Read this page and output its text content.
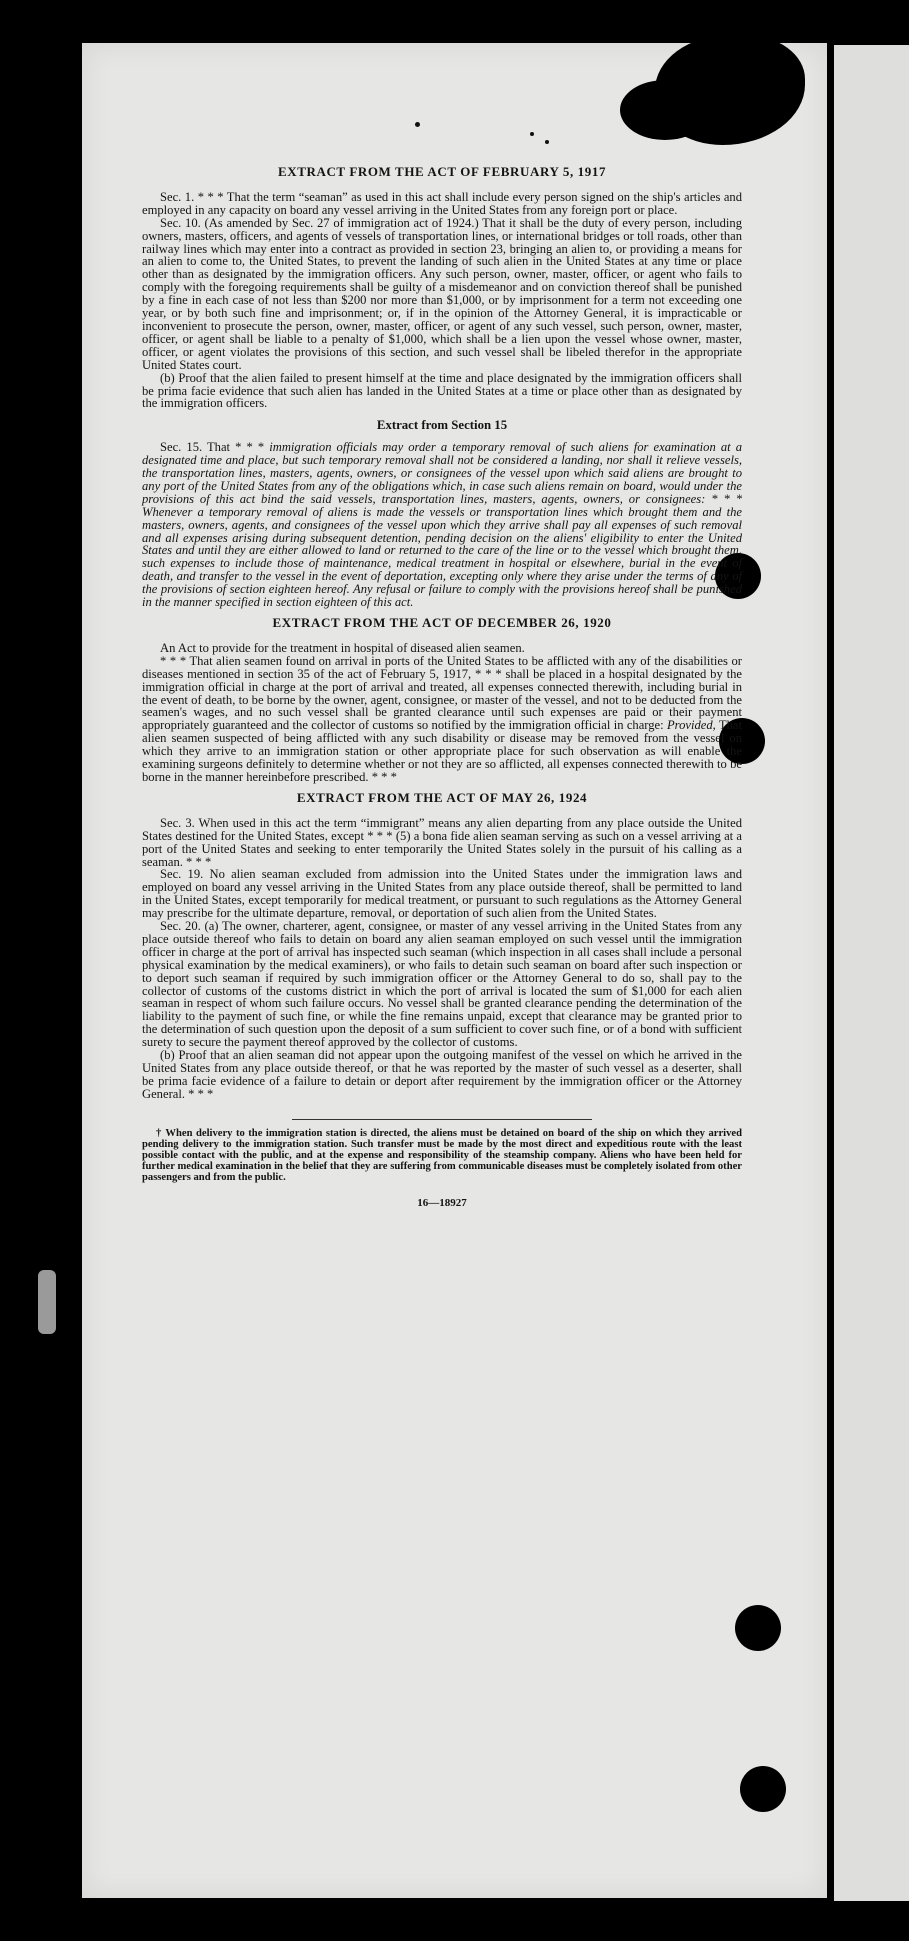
EXTRACT FROM THE ACT OF FEBRUARY 5, 1917

Sec. 1. * * * That the term “seaman” as used in this act shall include every person signed on the ship's articles and employed in any capacity on board any vessel arriving in the United States from any foreign port or place.

Sec. 10. (As amended by Sec. 27 of immigration act of 1924.) That it shall be the duty of every person, including owners, masters, officers, and agents of vessels of transportation lines, or international bridges or toll roads, other than railway lines which may enter into a contract as provided in section 23, bringing an alien to, or providing a means for an alien to come to, the United States, to prevent the landing of such alien in the United States at any time or place other than as designated by the immigration officers. Any such person, owner, master, officer, or agent who fails to comply with the foregoing requirements shall be guilty of a misdemeanor and on conviction thereof shall be punished by a fine in each case of not less than $200 nor more than $1,000, or by imprisonment for a term not exceeding one year, or by both such fine and imprisonment; or, if in the opinion of the Attorney General, it is impracticable or inconvenient to prosecute the person, owner, master, officer, or agent of any such vessel, such person, owner, master, officer, or agent shall be liable to a penalty of $1,000, which shall be a lien upon the vessel whose owner, master, officer, or agent violates the provisions of this section, and such vessel shall be libeled therefor in the appropriate United States court.

(b) Proof that the alien failed to present himself at the time and place designated by the immigration officers shall be prima facie evidence that such alien has landed in the United States at a time or place other than as designated by the immigration officers.

Extract from Section 15

Sec. 15. That * * * immigration officials may order a temporary removal of such aliens for examination at a designated time and place, but such temporary removal shall not be considered a landing, nor shall it relieve vessels, the transportation lines, masters, agents, owners, or consignees of the vessel upon which said aliens are brought to any port of the United States from any of the obligations which, in case such aliens remain on board, would under the provisions of this act bind the said vessels, transportation lines, masters, agents, owners, or consignees: * * * Whenever a temporary removal of aliens is made the vessels or transportation lines which brought them and the masters, owners, agents, and consignees of the vessel upon which they arrive shall pay all expenses of such removal and all expenses arising during subsequent detention, pending decision on the aliens' eligibility to enter the United States and until they are either allowed to land or returned to the care of the line or to the vessel which brought them, such expenses to include those of maintenance, medical treatment in hospital or elsewhere, burial in the event of death, and transfer to the vessel in the event of deportation, excepting only where they arise under the terms of any of the provisions of section eighteen hereof. Any refusal or failure to comply with the provisions hereof shall be punished in the manner specified in section eighteen of this act.

EXTRACT FROM THE ACT OF DECEMBER 26, 1920

An Act to provide for the treatment in hospital of diseased alien seamen.

* * * That alien seamen found on arrival in ports of the United States to be afflicted with any of the disabilities or diseases mentioned in section 35 of the act of February 5, 1917, * * * shall be placed in a hospital designated by the immigration official in charge at the port of arrival and treated, all expenses connected therewith, including burial in the event of death, to be borne by the owner, agent, consignee, or master of the vessel, and not to be deducted from the seamen's wages, and no such vessel shall be granted clearance until such expenses are paid or their payment appropriately guaranteed and the collector of customs so notified by the immigration official in charge: Provided, That alien seamen suspected of being afflicted with any such disability or disease may be removed from the vessel on which they arrive to an immigration station or other appropriate place for such observation as will enable the examining surgeons definitely to determine whether or not they are so afflicted, all expenses connected therewith to be borne in the manner hereinbefore prescribed. * * *

EXTRACT FROM THE ACT OF MAY 26, 1924

Sec. 3. When used in this act the term “immigrant” means any alien departing from any place outside the United States destined for the United States, except * * * (5) a bona fide alien seaman serving as such on a vessel arriving at a port of the United States and seeking to enter temporarily the United States solely in the pursuit of his calling as a seaman. * * *

Sec. 19. No alien seaman excluded from admission into the United States under the immigration laws and employed on board any vessel arriving in the United States from any place outside thereof, shall be permitted to land in the United States, except temporarily for medical treatment, or pursuant to such regulations as the Attorney General may prescribe for the ultimate departure, removal, or deportation of such alien from the United States.

Sec. 20. (a) The owner, charterer, agent, consignee, or master of any vessel arriving in the United States from any place outside thereof who fails to detain on board any alien seaman employed on such vessel until the immigration officer in charge at the port of arrival has inspected such seaman (which inspection in all cases shall include a personal physical examination by the medical examiners), or who fails to detain such seaman on board after such inspection or to deport such seaman if required by such immigration officer or the Attorney General to do so, shall pay to the collector of customs of the customs district in which the port of arrival is located the sum of $1,000 for each alien seaman in respect of whom such failure occurs. No vessel shall be granted clearance pending the determination of the liability to the payment of such fine, or while the fine remains unpaid, except that clearance may be granted prior to the determination of such question upon the deposit of a sum sufficient to cover such fine, or of a bond with sufficient surety to secure the payment thereof approved by the collector of customs.

(b) Proof that an alien seaman did not appear upon the outgoing manifest of the vessel on which he arrived in the United States from any place outside thereof, or that he was reported by the master of such vessel as a deserter, shall be prima facie evidence of a failure to detain or deport after requirement by the immigration officer or the Attorney General. * * *

† When delivery to the immigration station is directed, the aliens must be detained on board of the ship on which they arrived pending delivery to the immigration station. Such transfer must be made by the most direct and expeditious route with the least possible contact with the public, and at the expense and responsibility of the steamship company. Aliens who have been held for further medical examination in the belief that they are suffering from communicable diseases must be completely isolated from other passengers and from the public.

16—18927
